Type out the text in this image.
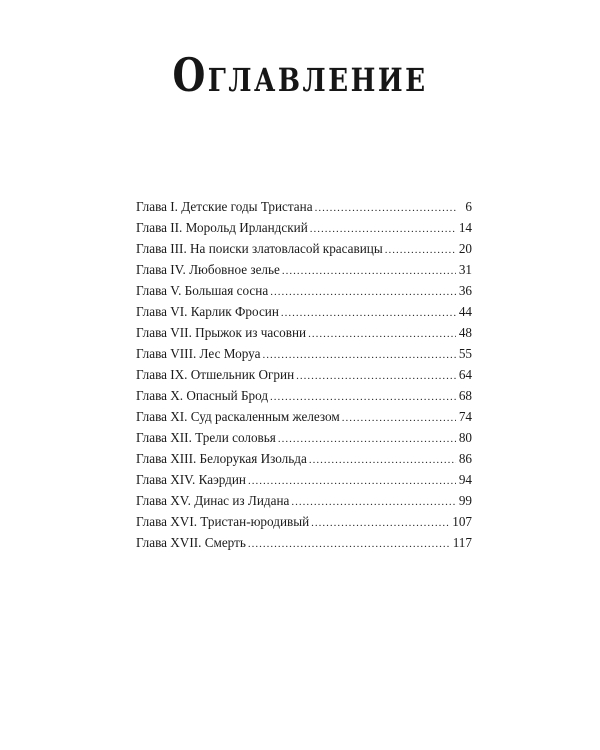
Оглавление
Глава I. Детские годы Тристана .....	6
Глава II. Морольд Ирландский .....	14
Глава III. На поиски златовласой красавицы .....	20
Глава IV. Любовное зелье .....	31
Глава V. Большая сосна .....	36
Глава VI. Карлик Фросин .....	44
Глава VII. Прыжок из часовни .....	48
Глава VIII. Лес Моруа .....	55
Глава IX. Отшельник Огрин .....	64
Глава X. Опасный Брод .....	68
Глава XI. Суд раскаленным железом .....	74
Глава XII. Трели соловья .....	80
Глава XIII. Белорукая Изольда .....	86
Глава XIV. Каэрдин .....	94
Глава XV. Динас из Лидана .....	99
Глава XVI. Тристан-юродивый .....	107
Глава XVII. Смерть .....	117
